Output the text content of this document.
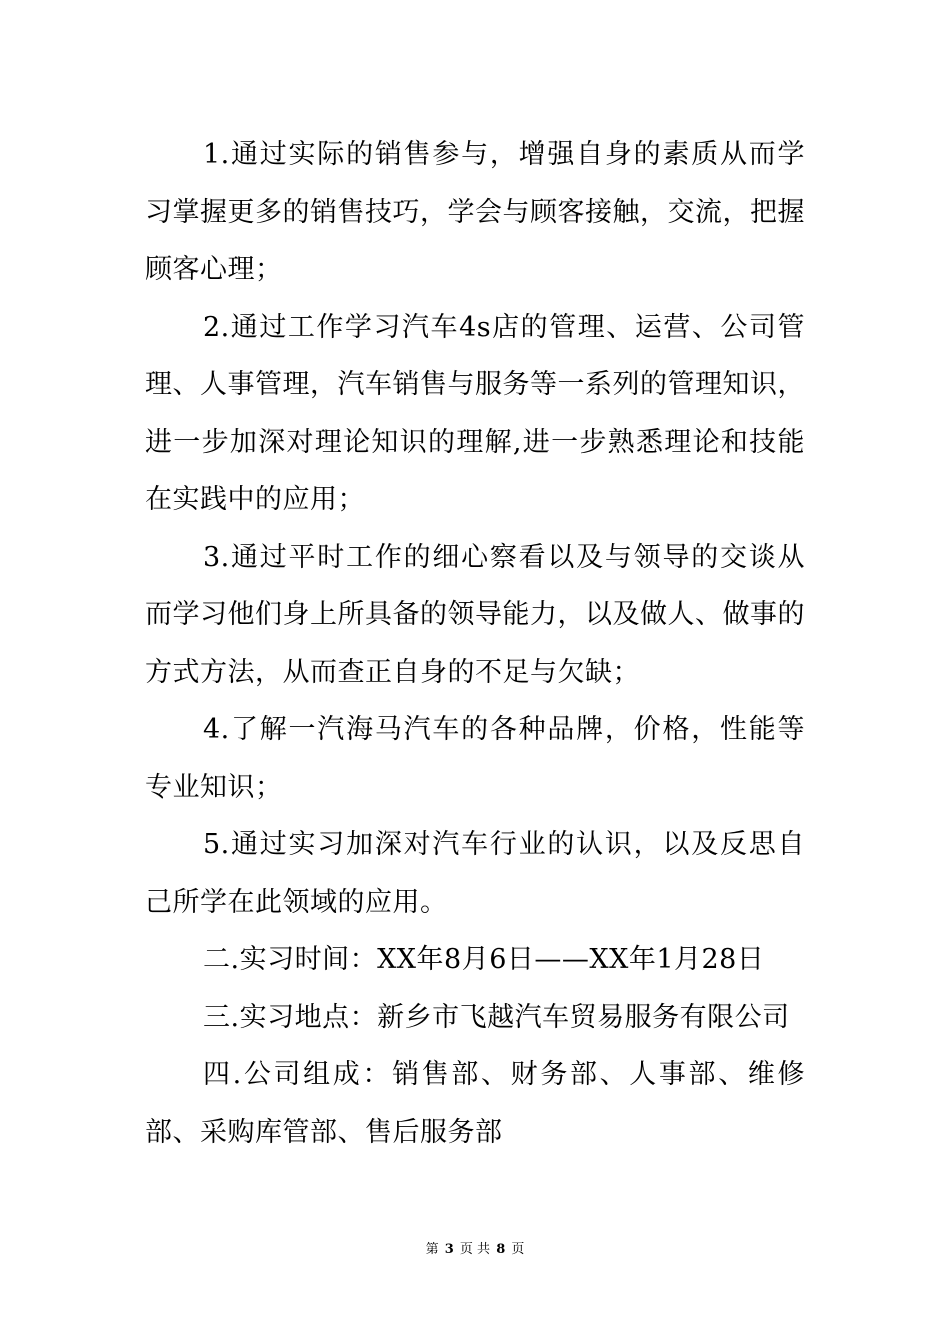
1.通过实际的销售参与，增强自身的素质从而学习掌握更多的销售技巧，学会与顾客接触，交流，把握顾客心理；

2.通过工作学习汽车4s店的管理、运营、公司管理、人事管理，汽车销售与服务等一系列的管理知识，进一步加深对理论知识的理解,进一步熟悉理论和技能在实践中的应用；

3.通过平时工作的细心察看以及与领导的交谈从而学习他们身上所具备的领导能力，以及做人、做事的方式方法，从而查正自身的不足与欠缺；

4.了解一汽海马汽车的各种品牌，价格，性能等专业知识；

5.通过实习加深对汽车行业的认识，以及反思自己所学在此领域的应用。

二.实习时间：XX年8月6日——XX年1月28日

三.实习地点：新乡市飞越汽车贸易服务有限公司

四.公司组成：销售部、财务部、人事部、维修部、采购库管部、售后服务部

第 3 页 共 8 页
